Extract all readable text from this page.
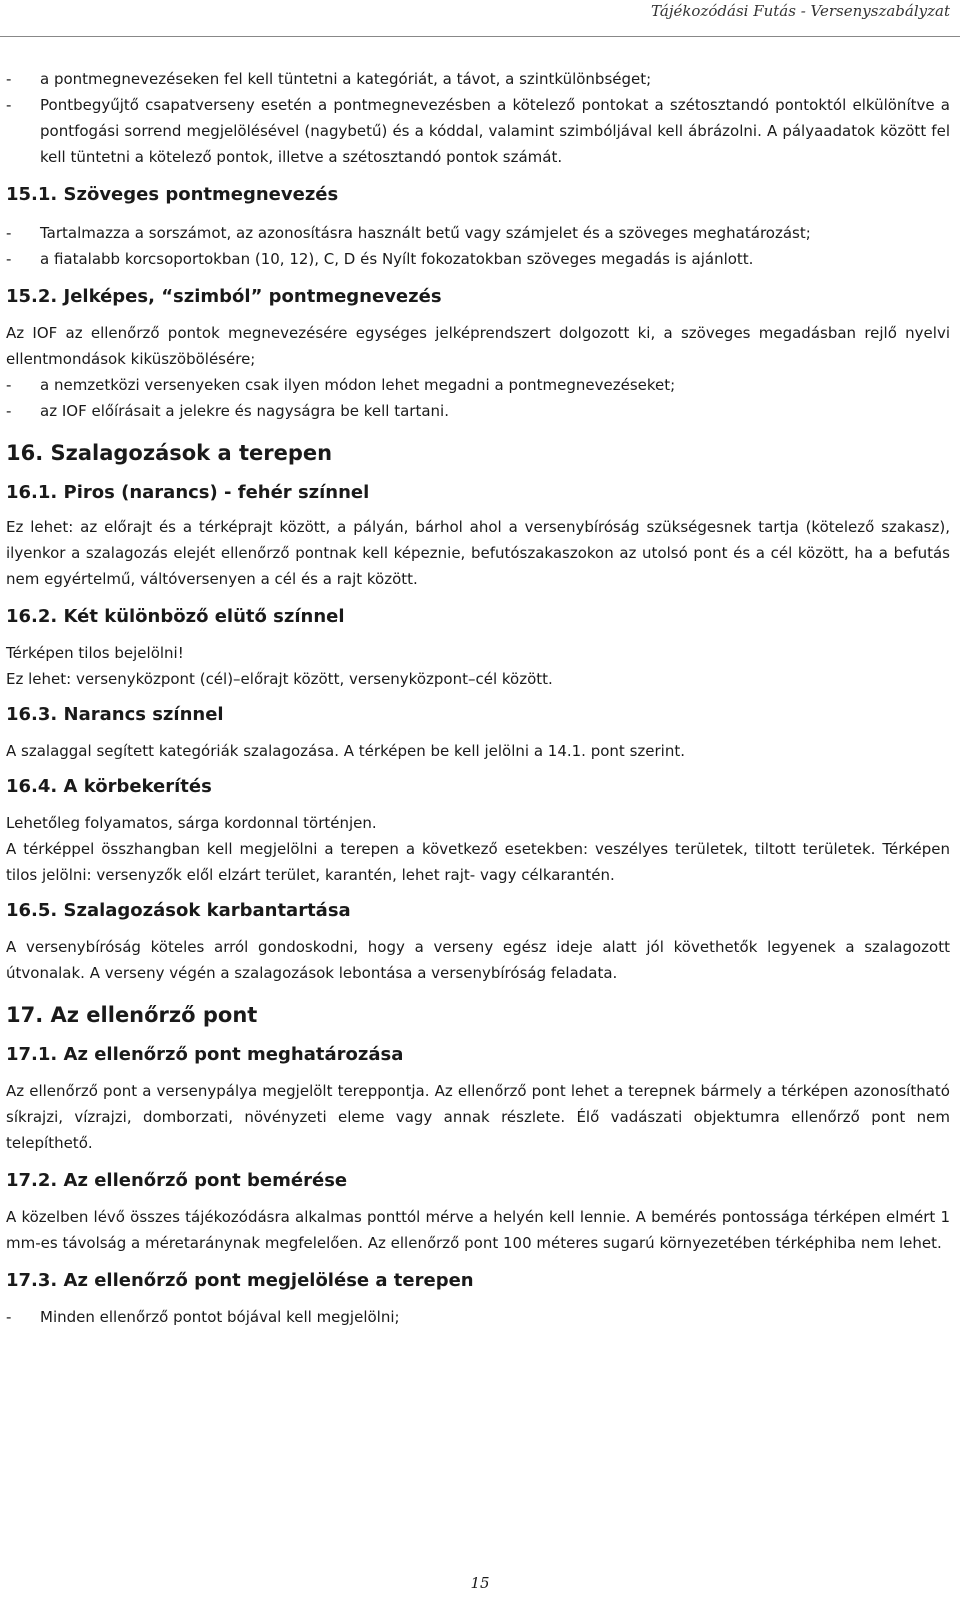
Tájékozódási Futás - Versenyszabályzat
- a pontmegnevezéseken fel kell tüntetni a kategóriát, a távot, a szintkülönbséget;
- Pontbegyűjtő csapatverseny esetén a pontmegnevezésben a kötelező pontokat a szétosztandó pontoktól elkülönítve a pontfogási sorrend megjelölésével (nagybetű) és a kóddal, valamint szimbóljával kell ábrázolni. A pályaadatok között fel kell tüntetni a kötelező pontok, illetve a szétosztandó pontok számát.

15.1. Szöveges pontmegnevezés

- Tartalmazza a sorszámot, az azonosításra használt betű vagy számjelet és a szöveges meghatározást;
- a fiatalabb korcsoportokban (10, 12), C, D és Nyílt fokozatokban szöveges megadás is ajánlott.

15.2. Jelképes, “szimból” pontmegnevezés

Az IOF az ellenőrző pontok megnevezésére egységes jelképrendszert dolgozott ki, a szöveges megadásban rejlő nyelvi ellentmondások kiküszöbölésére;

- a nemzetközi versenyeken csak ilyen módon lehet megadni a pontmegnevezéseket;
- az IOF előírásait a jelekre és nagyságra be kell tartani.

16. Szalagozások a terepen

16.1. Piros (narancs) - fehér színnel

Ez lehet: az előrajt és a térképrajt között, a pályán, bárhol ahol a versenybíróság szükségesnek tartja (kötelező szakasz), ilyenkor a szalagozás elejét ellenőrző pontnak kell képeznie, befutószakaszokon az utolsó pont és a cél között, ha a befutás nem egyértelmű, váltóversenyen a cél és a rajt között.

16.2. Két különböző elütő színnel

Térképen tilos bejelölni!

Ez lehet: versenyközpont (cél)–előrajt között, versenyközpont–cél között.

16.3. Narancs színnel

A szalaggal segített kategóriák szalagozása. A térképen be kell jelölni a 14.1. pont szerint.

16.4. A körbekerítés

Lehetőleg folyamatos, sárga kordonnal történjen.

A térképpel összhangban kell megjelölni a terepen a következő esetekben: veszélyes területek, tiltott területek. Térképen tilos jelölni: versenyzők elől elzárt terület, karantén, lehet rajt- vagy célkarantén.

16.5. Szalagozások karbantartása

A versenybíróság köteles arról gondoskodni, hogy a verseny egész ideje alatt jól követhetők legyenek a szalagozott útvonalak. A verseny végén a szalagozások lebontása a versenybíróság feladata.

17. Az ellenőrző pont

17.1. Az ellenőrző pont meghatározása

Az ellenőrző pont a versenypálya megjelölt tereppontja. Az ellenőrző pont lehet a terepnek bármely a térképen azonosítható síkrajzi, vízrajzi, domborzati, növényzeti eleme vagy annak részlete. Élő vadászati objektumra ellenőrző pont nem telepíthető.

17.2. Az ellenőrző pont bemérése

A közelben lévő összes tájékozódásra alkalmas ponttól mérve a helyén kell lennie. A bemérés pontossága térképen elmért 1 mm-es távolság a méretaránynak megfelelően. Az ellenőrző pont 100 méteres sugarú környezetében térképhiba nem lehet.

17.3. Az ellenőrző pont megjelölése a terepen

- Minden ellenőrző pontot bójával kell megjelölni;
15
